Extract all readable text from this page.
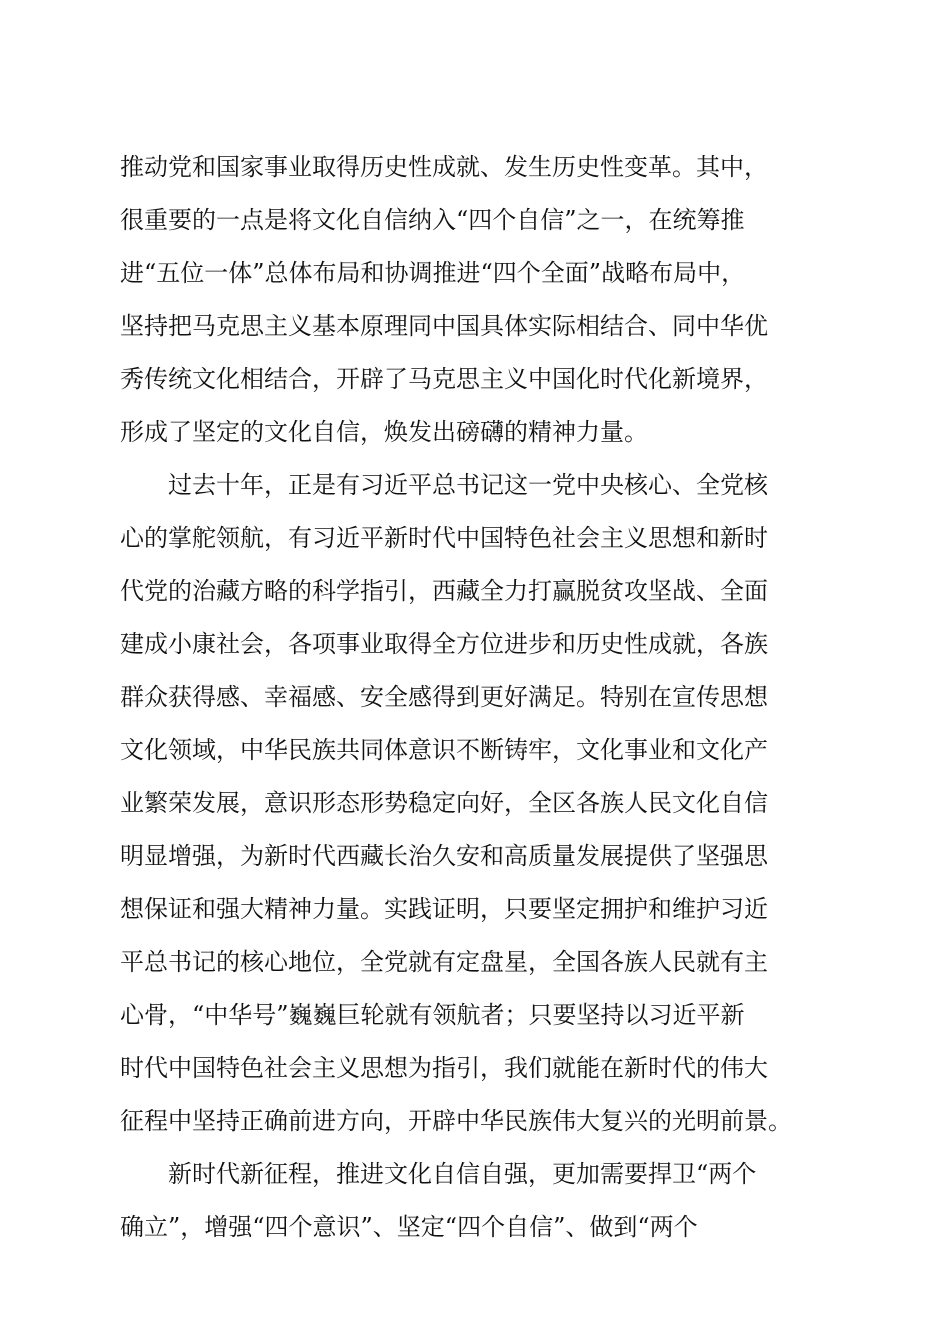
推动党和国家事业取得历史性成就、发生历史性变革。其中，
很重要的一点是将文化自信纳入“四个自信”之一，在统筹推
进“五位一体”总体布局和协调推进“四个全面”战略布局中，
坚持把马克思主义基本原理同中国具体实际相结合、同中华优
秀传统文化相结合，开辟了马克思主义中国化时代化新境界，
形成了坚定的文化自信，焕发出磅礴的精神力量。
过去十年，正是有习近平总书记这一党中央核心、全党核
心的掌舵领航，有习近平新时代中国特色社会主义思想和新时
代党的治藏方略的科学指引，西藏全力打赢脱贫攻坚战、全面
建成小康社会，各项事业取得全方位进步和历史性成就，各族
群众获得感、幸福感、安全感得到更好满足。特别在宣传思想
文化领域，中华民族共同体意识不断铸牢，文化事业和文化产
业繁荣发展，意识形态形势稳定向好，全区各族人民文化自信
明显增强，为新时代西藏长治久安和高质量发展提供了坚强思
想保证和强大精神力量。实践证明，只要坚定拥护和维护习近
平总书记的核心地位，全党就有定盘星，全国各族人民就有主
心骨，“中华号”巍巍巨轮就有领航者；只要坚持以习近平新
时代中国特色社会主义思想为指引，我们就能在新时代的伟大
征程中坚持正确前进方向，开辟中华民族伟大复兴的光明前景。
新时代新征程，推进文化自信自强，更加需要捍卫“两个
确立”，增强“四个意识”、坚定“四个自信”、做到“两个
